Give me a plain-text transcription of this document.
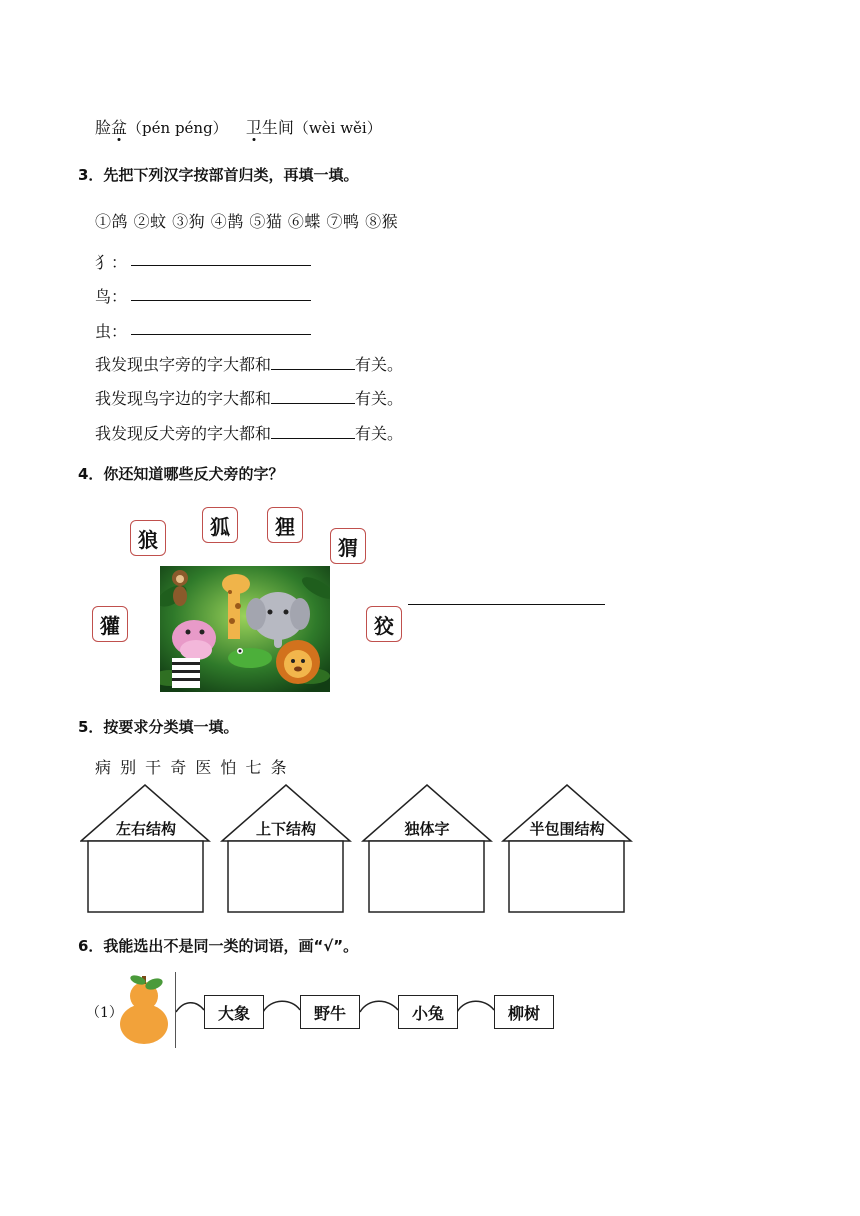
脸盆（pén péng） 卫生间（wèi wěi）
3．先把下列汉字按部首归类，再填一填。
①鸽 ②蚊 ③狗 ④鹊 ⑤猫 ⑥蝶 ⑦鸭 ⑧猴
犭：
鸟：
虫：
我发现虫字旁的字大都和	有关。
我发现鸟字边的字大都和	有关。
我发现反犬旁的字大都和	有关。
4．你还知道哪些反犬旁的字？
狼
狐	狸
猬
獾	狡
5．按要求分类填一填。
病 别 干 奇 医 怕 七 条
左右结构	上下结构	独体字	半包围结构
6．我能选出不是同一类的词语，画“√”。
（1）	大象	野牛	小兔	柳树
